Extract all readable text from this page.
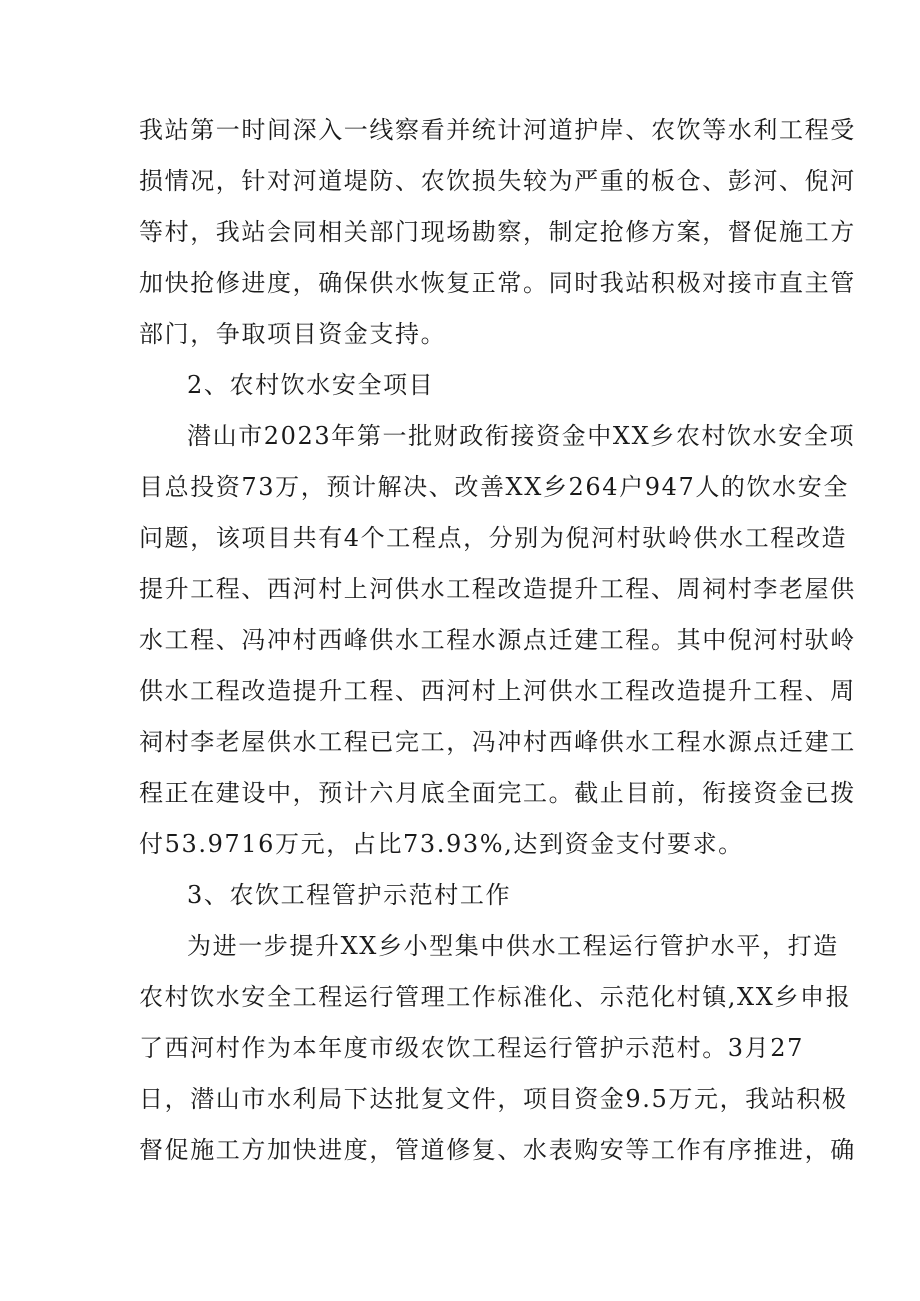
我站第一时间深入一线察看并统计河道护岸、农饮等水利工程受
损情况，针对河道堤防、农饮损失较为严重的板仓、彭河、倪河
等村，我站会同相关部门现场勘察，制定抢修方案，督促施工方
加快抢修进度，确保供水恢复正常。同时我站积极对接市直主管
部门，争取项目资金支持。
2、农村饮水安全项目
潜山市2023年第一批财政衔接资金中XX乡农村饮水安全项
目总投资73万，预计解决、改善XX乡264户947人的饮水安全
问题，该项目共有4个工程点，分别为倪河村驮岭供水工程改造
提升工程、西河村上河供水工程改造提升工程、周祠村李老屋供
水工程、冯冲村西峰供水工程水源点迁建工程。其中倪河村驮岭
供水工程改造提升工程、西河村上河供水工程改造提升工程、周
祠村李老屋供水工程已完工，冯冲村西峰供水工程水源点迁建工
程正在建设中，预计六月底全面完工。截止目前，衔接资金已拨
付53.9716万元，占比73.93%,达到资金支付要求。
3、农饮工程管护示范村工作
为进一步提升XX乡小型集中供水工程运行管护水平，打造
农村饮水安全工程运行管理工作标准化、示范化村镇,XX乡申报
了西河村作为本年度市级农饮工程运行管护示范村。3月27
日，潜山市水利局下达批复文件，项目资金9.5万元，我站积极
督促施工方加快进度，管道修复、水表购安等工作有序推进，确
